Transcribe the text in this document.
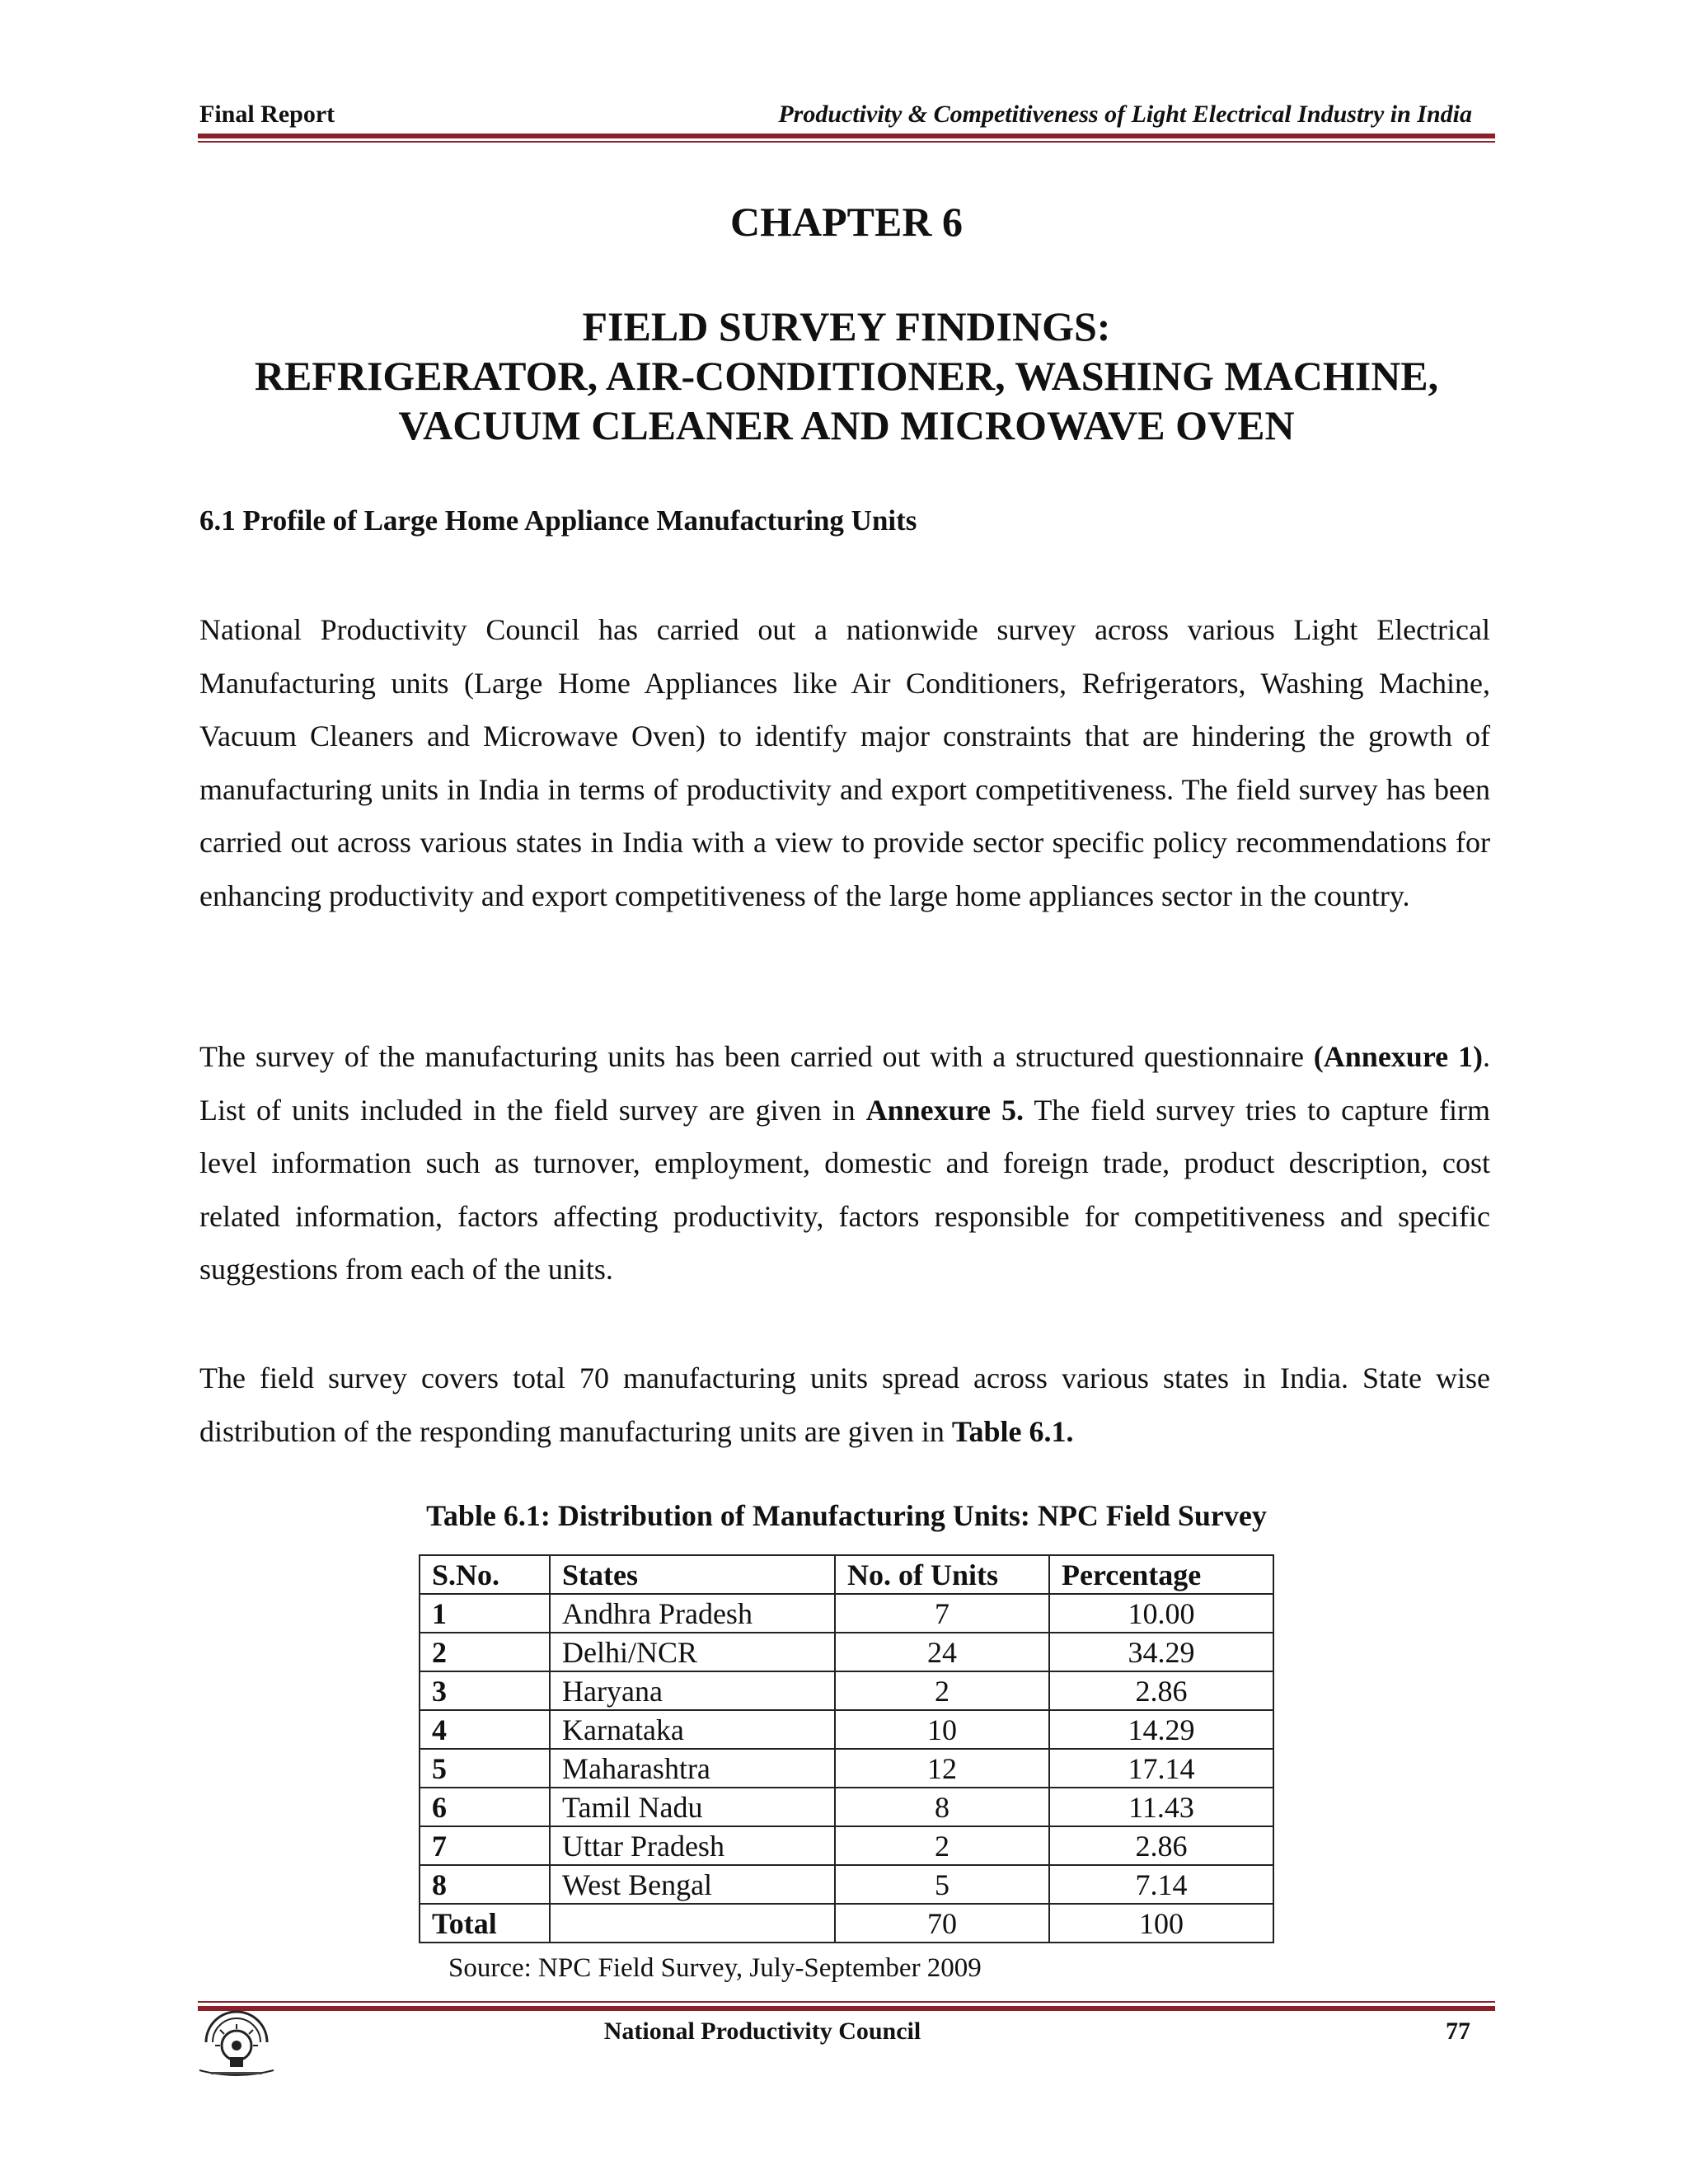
Final Report	Productivity & Competitiveness of Light Electrical Industry in India
CHAPTER 6
FIELD SURVEY FINDINGS:
REFRIGERATOR, AIR-CONDITIONER, WASHING MACHINE,
VACUUM CLEANER AND MICROWAVE OVEN
6.1 Profile of Large Home Appliance Manufacturing Units
National Productivity Council has carried out a nationwide survey across various Light Electrical Manufacturing units (Large Home Appliances like Air Conditioners, Refrigerators, Washing Machine, Vacuum Cleaners and Microwave Oven) to identify major constraints that are hindering the growth of manufacturing units in India in terms of productivity and export competitiveness. The field survey has been carried out across various states in India with a view to provide sector specific policy recommendations for enhancing productivity and export competitiveness of the large home appliances sector in the country.
The survey of the manufacturing units has been carried out with a structured questionnaire (Annexure 1). List of units included in the field survey are given in Annexure 5. The field survey tries to capture firm level information such as turnover, employment, domestic and foreign trade, product description, cost related information, factors affecting productivity, factors responsible for competitiveness and specific suggestions from each of the units.
The field survey covers total 70 manufacturing units spread across various states in India. State wise distribution of the responding manufacturing units are given in Table 6.1.
Table 6.1: Distribution of Manufacturing Units: NPC Field Survey
S.No.	States	No. of Units	Percentage
1	Andhra Pradesh	7	10.00
2	Delhi/NCR	24	34.29
3	Haryana	2	2.86
4	Karnataka	10	14.29
5	Maharashtra	12	17.14
6	Tamil Nadu	8	11.43
7	Uttar Pradesh	2	2.86
8	West Bengal	5	7.14
Total		70	100
Source: NPC Field Survey, July-September 2009
National Productivity Council	77
